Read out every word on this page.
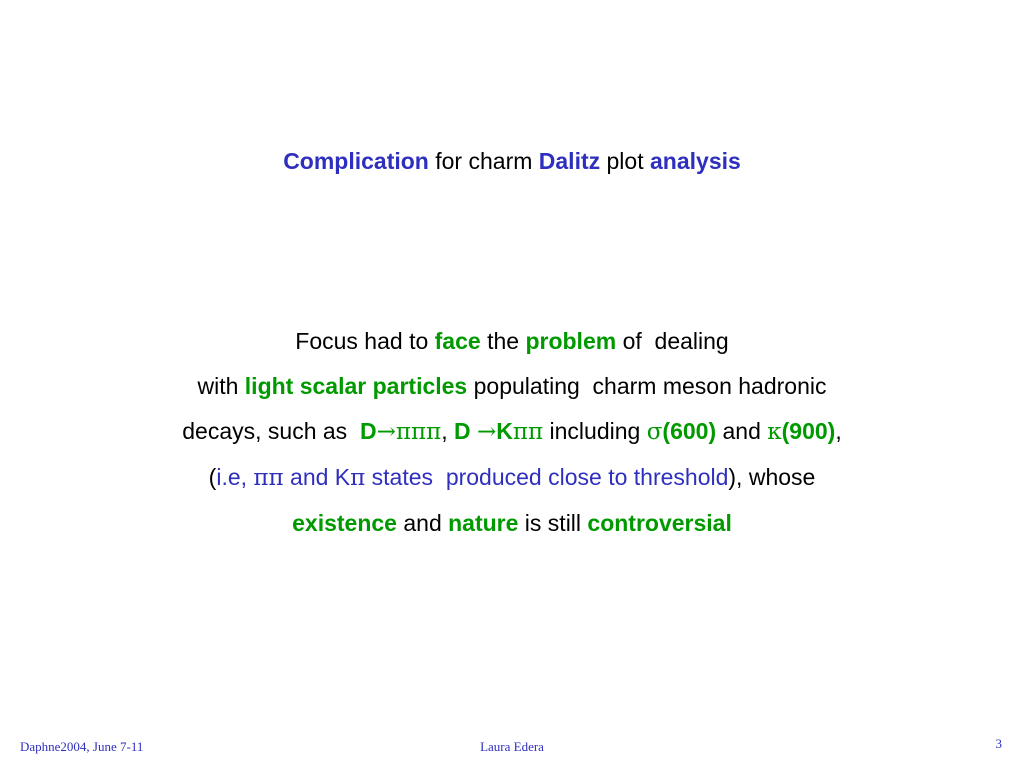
Complication for charm Dalitz plot analysis
Focus had to face the problem of  dealing
with light scalar particles populating  charm meson hadronic
decays, such as  D→πππ, D →Kππ including σ(600) and κ(900),
(i.e, ππ and Kπ states  produced close to threshold), whose
existence and nature is still controversial
Daphne2004, June 7-11	Laura Edera	3
